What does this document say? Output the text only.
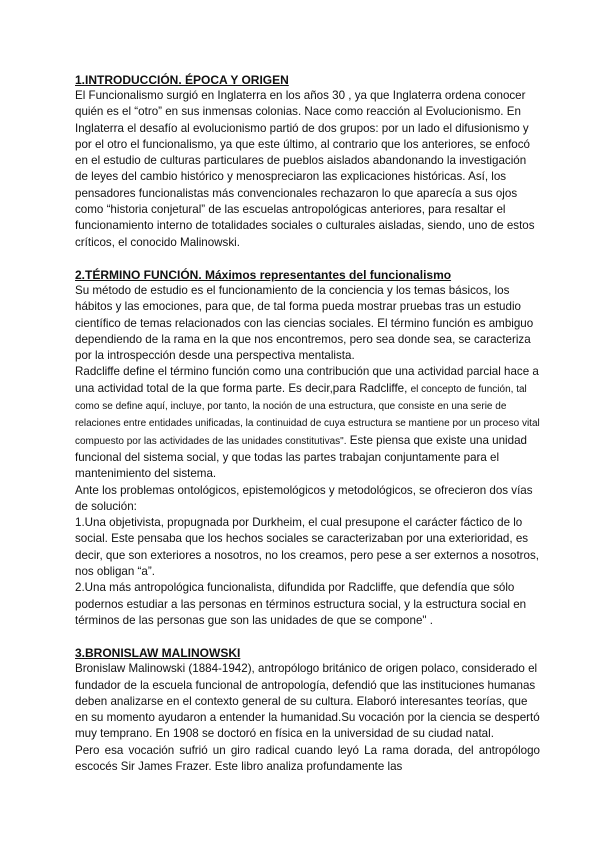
1.INTRODUCCIÓN. ÉPOCA Y ORIGEN

El Funcionalismo surgió en Inglaterra en los años 30 , ya que Inglaterra ordena conocer quién es el “otro” en sus inmensas colonias. Nace como reacción al Evolucionismo. En Inglaterra el desafío al evolucionismo partió de dos grupos: por un lado el difusionismo y por el otro el funcionalismo, ya que este último, al contrario que los anteriores, se enfocó en el estudio de culturas particulares de pueblos aislados abandonando la investigación de leyes del cambio histórico y menospreciaron las explicaciones históricas. Así, los pensadores funcionalistas más convencionales rechazaron lo que aparecía a sus ojos como “historia conjetural” de las escuelas antropológicas anteriores, para resaltar el funcionamiento interno de totalidades sociales o culturales aisladas, siendo, uno de estos críticos, el conocido Malinowski.

2.TÉRMINO FUNCIÓN. Máximos representantes del funcionalismo

Su método de estudio es el funcionamiento de la conciencia y los temas básicos, los hábitos y las emociones, para que, de tal forma pueda mostrar pruebas tras un estudio científico de temas relacionados con las ciencias sociales. El término función es ambiguo dependiendo de la rama en la que nos encontremos, pero sea donde sea, se caracteriza por la introspección desde una perspectiva mentalista.

Radcliffe define el término función como una contribución que una actividad parcial hace a una actividad total de la que forma parte. Es decir,para Radcliffe, el concepto de función, tal como se define aquí, incluye, por tanto, la noción de una estructura, que consiste en una serie de relaciones entre entidades unificadas, la continuidad de cuya estructura se mantiene por un proceso vital compuesto por las actividades de las unidades constitutivas". Este piensa que existe una unidad funcional del sistema social, y que todas las partes trabajan conjuntamente para el mantenimiento del sistema.

Ante los problemas ontológicos, epistemológicos y metodológicos, se ofrecieron dos vías de solución:

1.Una objetivista, propugnada por Durkheim, el cual presupone el carácter fáctico de lo social. Este pensaba que los hechos sociales se caracterizaban por una exterioridad, es decir, que son exteriores a nosotros, no los creamos, pero pese a ser externos a nosotros, nos obligan “a”.

2.Una más antropológica funcionalista, difundida por Radcliffe, que defendía que sólo podernos estudiar a las personas en términos estructura social, y la estructura social en términos de las personas gue son las unidades de que se compone" .

3.BRONISLAW MALINOWSKI

Bronislaw Malinowski (1884-1942), antropólogo británico de origen polaco, considerado el fundador de la escuela funcional de antropología, defendió que las instituciones humanas deben analizarse en el contexto general de su cultura. Elaboró interesantes teorías, que en su momento ayudaron a entender la humanidad.Su vocación por la ciencia se despertó muy temprano. En 1908 se doctoró en física en la universidad de su ciudad natal.

Pero esa vocación sufrió un giro radical cuando leyó La rama dorada, del antropólogo escocés Sir James Frazer. Este libro analiza profundamente las
